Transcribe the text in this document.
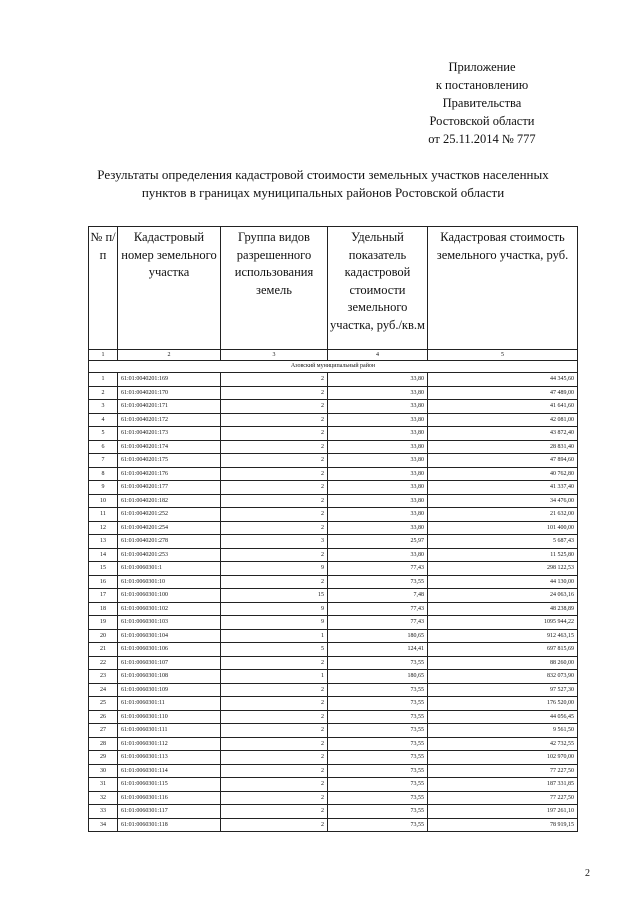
Приложение
к постановлению
Правительства
Ростовской области
от 25.11.2014 № 777
Результаты определения кадастровой стоимости земельных участков населенных пунктов в границах муниципальных районов Ростовской области
№ п/п	Кадастровый номер земельного участка	Группа видов разрешенного использования земель	Удельный показатель кадастровой стоимости земельного участка, руб./кв.м	Кадастровая стоимость земельного участка, руб.
1	2	3	4	5
Азовский муниципальный район				
1	61:01:0040201:169	2	33,80	44 345,60
2	61:01:0040201:170	2	33,80	47 489,00
3	61:01:0040201:171	2	33,80	41 641,60
4	61:01:0040201:172	2	33,80	42 081,00
5	61:01:0040201:173	2	33,80	43 872,40
6	61:01:0040201:174	2	33,80	28 831,40
7	61:01:0040201:175	2	33,80	47 894,60
8	61:01:0040201:176	2	33,80	40 762,80
9	61:01:0040201:177	2	33,80	41 337,40
10	61:01:0040201:182	2	33,80	34 476,00
11	61:01:0040201:252	2	33,80	21 632,00
12	61:01:0040201:254	2	33,80	101 400,00
13	61:01:0040201:278	3	25,97	5 687,43
14	61:01:0040201:253	2	33,80	11 525,80
15	61:01:0060301:1	9	77,43	298 122,53
16	61:01:0060301:10	2	73,55	44 130,00
17	61:01:0060301:100	15	7,48	24 063,16
18	61:01:0060301:102	9	77,43	48 238,89
19	61:01:0060301:103	9	77,43	1095 944,22
20	61:01:0060301:104	1	180,65	912 463,15
21	61:01:0060301:106	5	124,41	697 815,69
22	61:01:0060301:107	2	73,55	88 260,00
23	61:01:0060301:108	1	180,65	832 073,90
24	61:01:0060301:109	2	73,55	97 527,30
25	61:01:0060301:11	2	73,55	176 520,00
26	61:01:0060301:110	2	73,55	44 056,45
27	61:01:0060301:111	2	73,55	9 561,50
28	61:01:0060301:112	2	73,55	42 732,55
29	61:01:0060301:113	2	73,55	102 970,00
30	61:01:0060301:114	2	73,55	77 227,50
31	61:01:0060301:115	2	73,55	187 331,85
32	61:01:0060301:116	2	73,55	77 227,50
33	61:01:0060301:117	2	73,55	197 261,10
34	61:01:0060301:118	2	73,55	78 919,15
2
